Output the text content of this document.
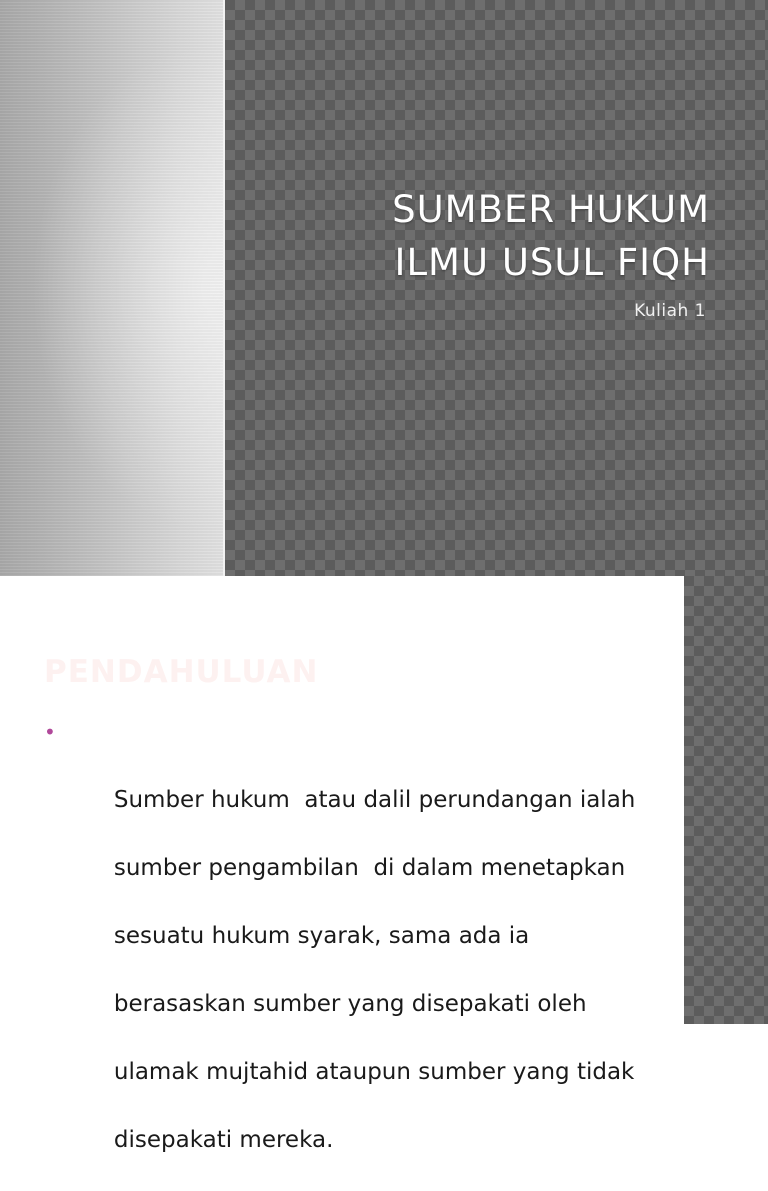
SUMBER HUKUM
ILMU USUL FIQH

Kuliah 1

PENDAHULUAN

•

Sumber hukum  atau dalil perundangan ialah

sumber pengambilan  di dalam menetapkan

sesuatu hukum syarak, sama ada ia

berasaskan sumber yang disepakati oleh

ulamak mujtahid ataupun sumber yang tidak

disepakati mereka.
